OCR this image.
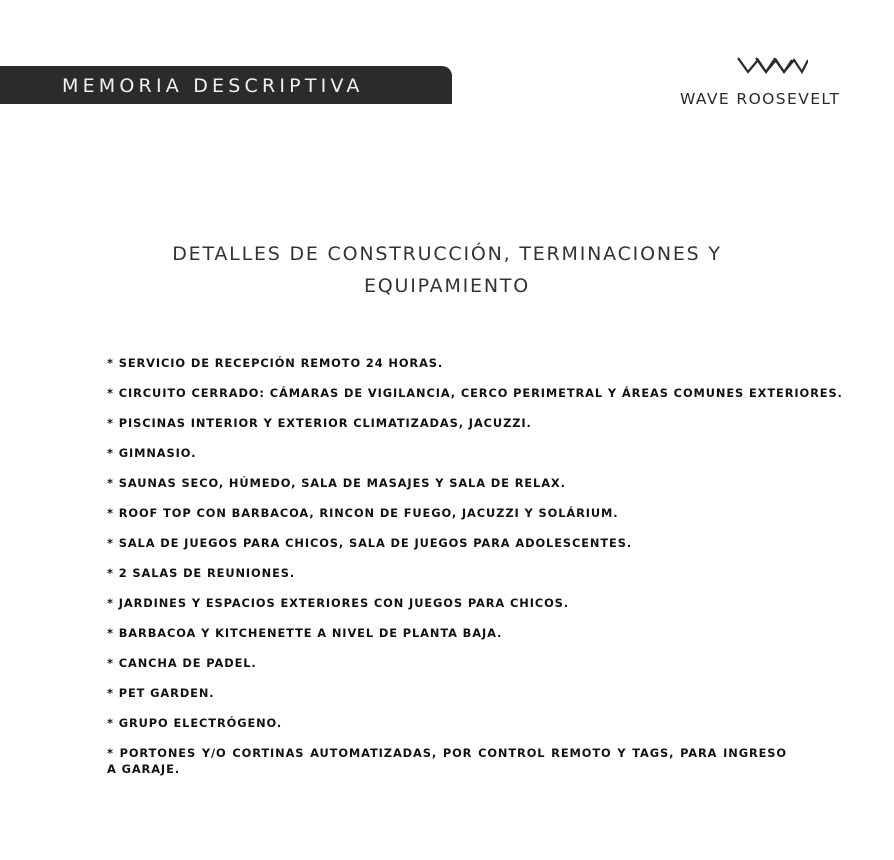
MEMORIA DESCRIPTIVA
WAVE ROOSEVELT
DETALLES DE CONSTRUCCIÓN, TERMINACIONES Y
EQUIPAMIENTO
* SERVICIO DE RECEPCIÓN REMOTO 24 HORAS.
* CIRCUITO CERRADO: CÁMARAS DE VIGILANCIA, CERCO PERIMETRAL Y ÁREAS COMUNES EXTERIORES.
* PISCINAS INTERIOR Y EXTERIOR CLIMATIZADAS, JACUZZI.
* GIMNASIO.
* SAUNAS SECO, HÚMEDO, SALA DE MASAJES Y SALA DE RELAX.
* ROOF TOP CON BARBACOA, RINCON DE FUEGO, JACUZZI Y SOLÁRIUM.
* SALA DE JUEGOS PARA CHICOS, SALA DE JUEGOS PARA ADOLESCENTES.
* 2 SALAS DE REUNIONES.
* JARDINES Y ESPACIOS EXTERIORES CON JUEGOS PARA CHICOS.
* BARBACOA Y KITCHENETTE A NIVEL DE PLANTA BAJA.
* CANCHA DE PADEL.
* PET GARDEN.
* GRUPO ELECTRÓGENO.
* PORTONES Y/O CORTINAS AUTOMATIZADAS, POR CONTROL REMOTO Y TAGS, PARA INGRESO A GARAJE.
